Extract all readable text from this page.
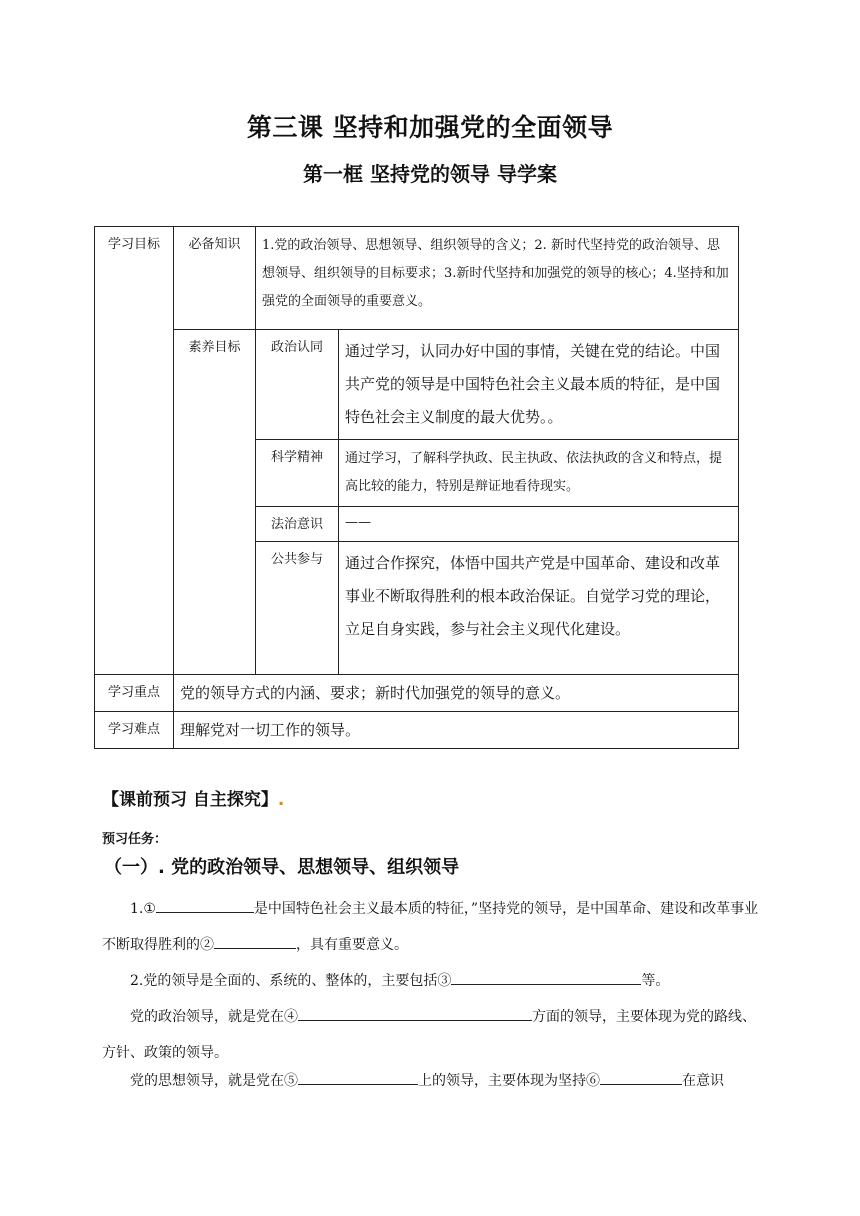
第三课 坚持和加强党的全面领导
第一框 坚持党的领导 导学案
学习目标	必备知识	1.党的政治领导、思想领导、组织领导的含义；2. 新时代坚持党的政治领导、思想领导、组织领导的目标要求；3.新时代坚持和加强党的领导的核心；4.坚持和加强党的全面领导的重要意义。	
	素养目标	政治认同	通过学习，认同办好中国的事情，关键在党的结论。中国共产党的领导是中国特色社会主义最本质的特征，是中国特色社会主义制度的最大优势。。
		科学精神	通过学习，了解科学执政、民主执政、依法执政的含义和特点，提高比较的能力，特别是辩证地看待现实。
		法治意识	——
		公共参与	通过合作探究，体悟中国共产党是中国革命、建设和改革事业不断取得胜利的根本政治保证。自觉学习党的理论，立足自身实践，参与社会主义现代化建设。
学习重点	党的领导方式的内涵、要求；新时代加强党的领导的意义。		
学习难点	理解党对一切工作的领导。		
【课前预习 自主探究】.
预习任务：
（一）. 党的政治领导、思想领导、组织领导
1.①	是中国特色社会主义最本质的特征，”坚持党的领导，是中国革命、建设和改革事业不断取得胜利的②	，具有重要意义。
2.党的领导是全面的、系统的、整体的，主要包括③	等。
党的政治领导，就是党在④	方面的领导，主要体现为党的路线、方针、政策的领导。
党的思想领导，就是党在⑤	上的领导，主要体现为坚持⑥	在意识
